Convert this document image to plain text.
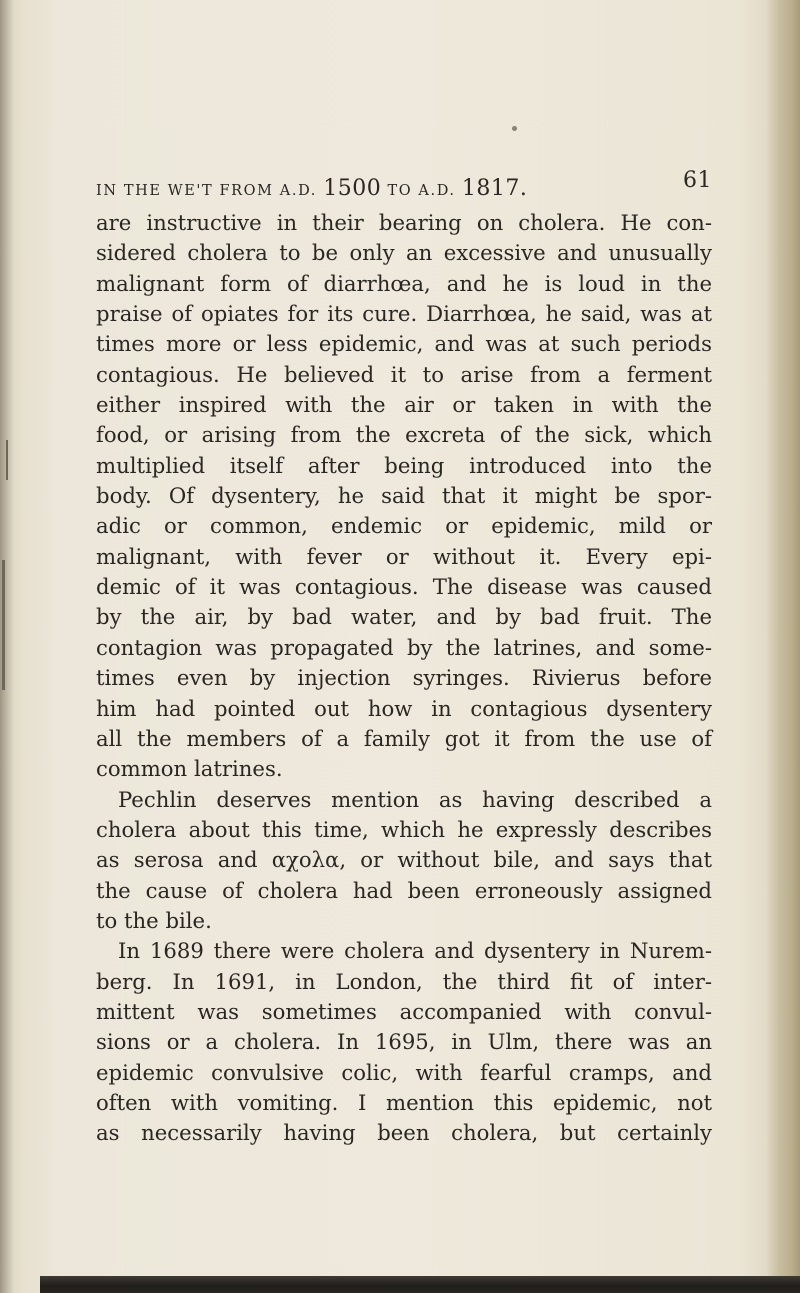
IN THE WE'T FROM A.D. 1500 TO A.D. 1817.	61
are instructive in their bearing on cholera. He con-
sidered cholera to be only an excessive and unusually
malignant form of diarrhœa, and he is loud in the
praise of opiates for its cure. Diarrhœa, he said, was at
times more or less epidemic, and was at such periods
contagious. He believed it to arise from a ferment
either inspired with the air or taken in with the
food, or arising from the excreta of the sick, which
multiplied itself after being introduced into the
body. Of dysentery, he said that it might be spor-
adic or common, endemic or epidemic, mild or
malignant, with fever or without it. Every epi-
demic of it was contagious. The disease was caused
by the air, by bad water, and by bad fruit. The
contagion was propagated by the latrines, and some-
times even by injection syringes. Rivierus before
him had pointed out how in contagious dysentery
all the members of a family got it from the use of
common latrines.
Pechlin deserves mention as having described a
cholera about this time, which he expressly describes
as serosa and αχολα, or without bile, and says that
the cause of cholera had been erroneously assigned
to the bile.
In 1689 there were cholera and dysentery in Nurem-
berg. In 1691, in London, the third fit of inter-
mittent was sometimes accompanied with convul-
sions or a cholera. In 1695, in Ulm, there was an
epidemic convulsive colic, with fearful cramps, and
often with vomiting. I mention this epidemic, not
as necessarily having been cholera, but certainly
